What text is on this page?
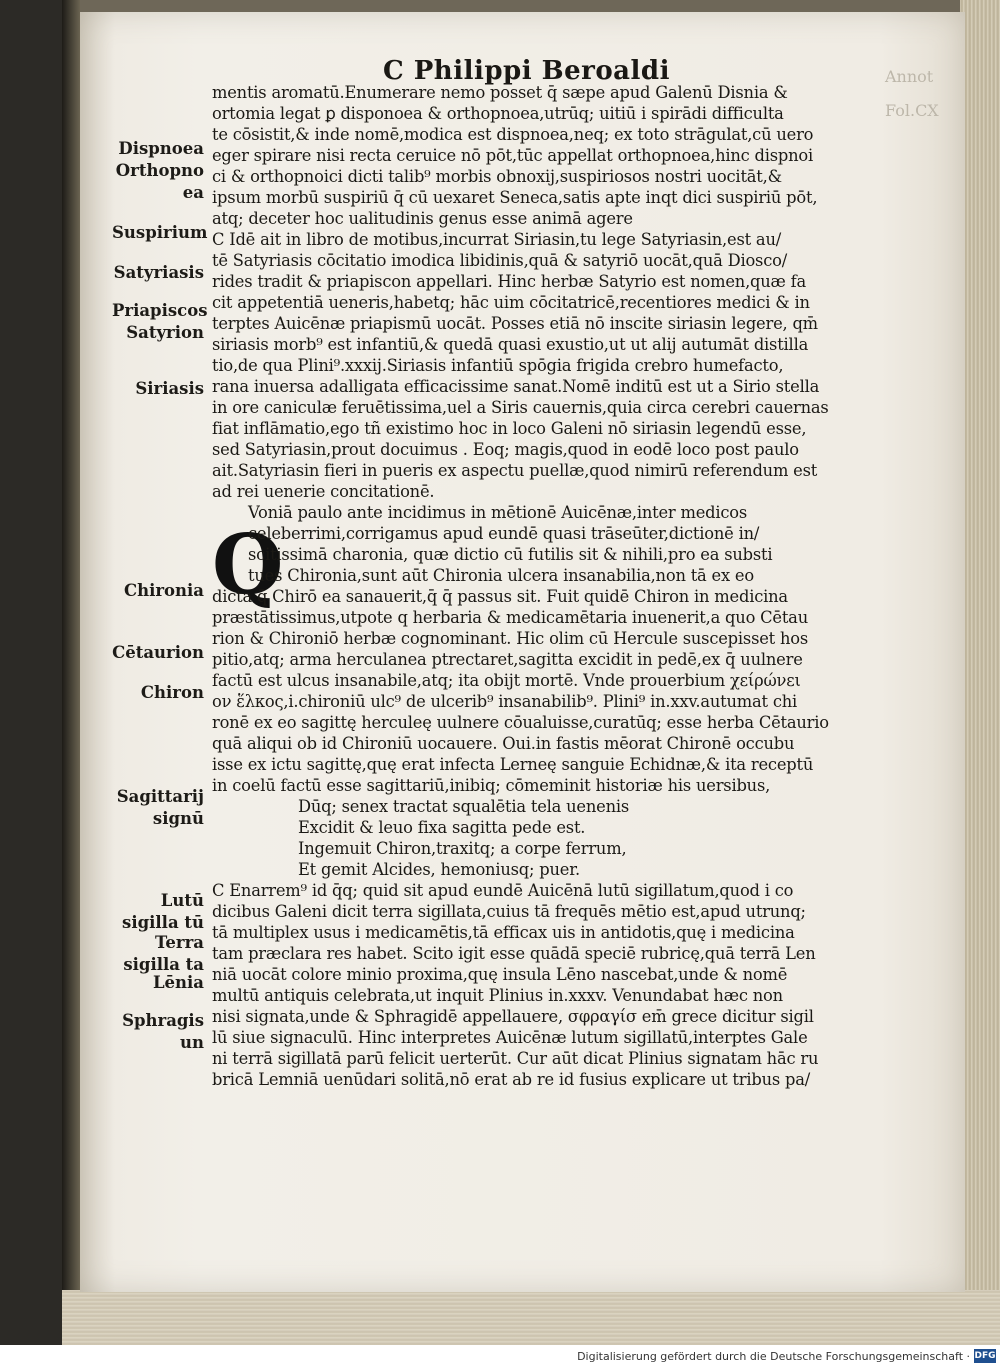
Annot
Fol.CX
C Philippi Beroaldi
Q
mentis aromatū.Enumerare nemo posset q̄ sæpe apud Galenū Disnia &
ortomia legat ꝑ disponoea & orthopnoea,utrūq; uitiū i spirādi difficulta
te cōsistit,& inde nomē,modica est dispnoea,neq; ex toto strāgulat,cū uero
eger spirare nisi recta ceruice nō pōt,tūc appellat orthopnoea,hinc dispnoi
ci & orthopnoici dicti talib⁹ morbis obnoxij,suspiriosos nostri uocitāt,&
ipsum morbū suspiriū q̄ cū uexaret Seneca,satis apte inqt dici suspiriū pōt,
atq; deceter hoc ualitudinis genus esse animā agere
C Idē ait in libro de motibus,incurrat Siriasin,tu lege Satyriasin,est au/
tē Satyriasis cōcitatio imodica libidinis,quā & satyriō uocāt,quā Diosco/
rides tradit & priapiscon appellari. Hinc herbæ Satyrio est nomen,quæ fa
cit appetentiā ueneris,habetq; hāc uim cōcitatricē,recentiores medici & in
terptes Auicēnæ priapismū uocāt. Posses etiā nō inscite siriasin legere, qm̄
siriasis morb⁹ est infantiū,& quedā quasi exustio,ut ut alij autumāt distilla
tio,de qua Plini⁹.xxxij.Siriasis infantiū spōgia frigida crebro humefacto,
rana inuersa adalligata efficacissime sanat.Nomē inditū est ut a Sirio stella
in ore caniculæ feruētissima,uel a Siris cauernis,quia circa cerebri cauernas
fiat inflāmatio,ego tñ existimo hoc in loco Galeni nō siriasin legendū esse,
sed Satyriasin,prout docuimus . Eoq; magis,quod in eodē loco post paulo
ait.Satyriasin fieri in pueris ex aspectu puellæ,quod nimirū referendum est
ad rei uenerie concitationē.
Voniā paulo ante incidimus in mētionē Auicēnæ,inter medicos
celeberrimi,corrigamus apud eundē quasi trāseūter,dictionē in/
scitissimā charonia, quæ dictio cū futilis sit & nihili,pro ea substi
tues Chironia,sunt aūt Chironia ulcera insanabilia,non tā ex eo
dicta q̄ Chirō ea sanauerit,q̄ q̄ passus sit. Fuit quidē Chiron in medicina
præstātissimus,utpote q herbaria & medicamētaria inuenerit,a quo Cētau
rion & Chironiō herbæ cognominant. Hic olim cū Hercule suscepisset hos
pitio,atq; arma herculanea ptrectaret,sagitta excidit in pedē,ex q̄ uulnere
factū est ulcus insanabile,atq; ita obijt mortē. Vnde prouerbium χείρώνει
ον ἕλκος,i.chironiū ulc⁹ de ulcerib⁹ insanabilib⁹. Plini⁹ in.xxv.autumat chi
ronē ex eo sagittę herculeę uulnere cōualuisse,curatūq; esse herba Cētaurio
quā aliqui ob id Chironiū uocauere. Oui.in fastis mēorat Chironē occubu
isse ex ictu sagittę,quę erat infecta Lerneę sanguie Echidnæ,& ita receptū
in coelū factū esse sagittariū,inibiq; cōmeminit historiæ his uersibus,
Dūq; senex tractat squalētia tela uenenis
Excidit & leuo fixa sagitta pede est.
Ingemuit Chiron,traxitq; a corpe ferrum,
Et gemit Alcides, hemoniusq; puer.
C Enarrem⁹ id q̄q; quid sit apud eundē Auicēnā lutū sigillatum,quod i co
dicibus Galeni dicit terra sigillata,cuius tā frequēs mētio est,apud utrunq;
tā multiplex usus i medicamētis,tā efficax uis in antidotis,quę i medicina
tam præclara res habet. Scito igit esse quādā speciē rubricę,quā terrā Len
niā uocāt colore minio proxima,quę insula Lēno nascebat,unde & nomē
multū antiquis celebrata,ut inquit Plinius in.xxxv. Venundabat hæc non
nisi signata,unde & Sphragidē appellauere, σφραγίσ em̄ grece dicitur sigil
lū siue signaculū. Hinc interpretes Auicēnæ lutum sigillatū,interptes Gale
ni terrā sigillatā parū felicit uerterūt. Cur aūt dicat Plinius signatam hāc ru
bricā Lemniā uenūdari solitā,nō erat ab re id fusius explicare ut tribus pa/
Dispnoea
Orthopno ea
Suspirium
Satyriasis
Priapiscos
Satyrion
Siriasis
Chironia
Cētaurion
Chiron
Sagittarij signū
Lutū sigilla tū
Terra sigilla ta
Lēnia
Sphragis un
Digitalisierung gefördert durch die Deutsche Forschungsgemeinschaft · DFG
